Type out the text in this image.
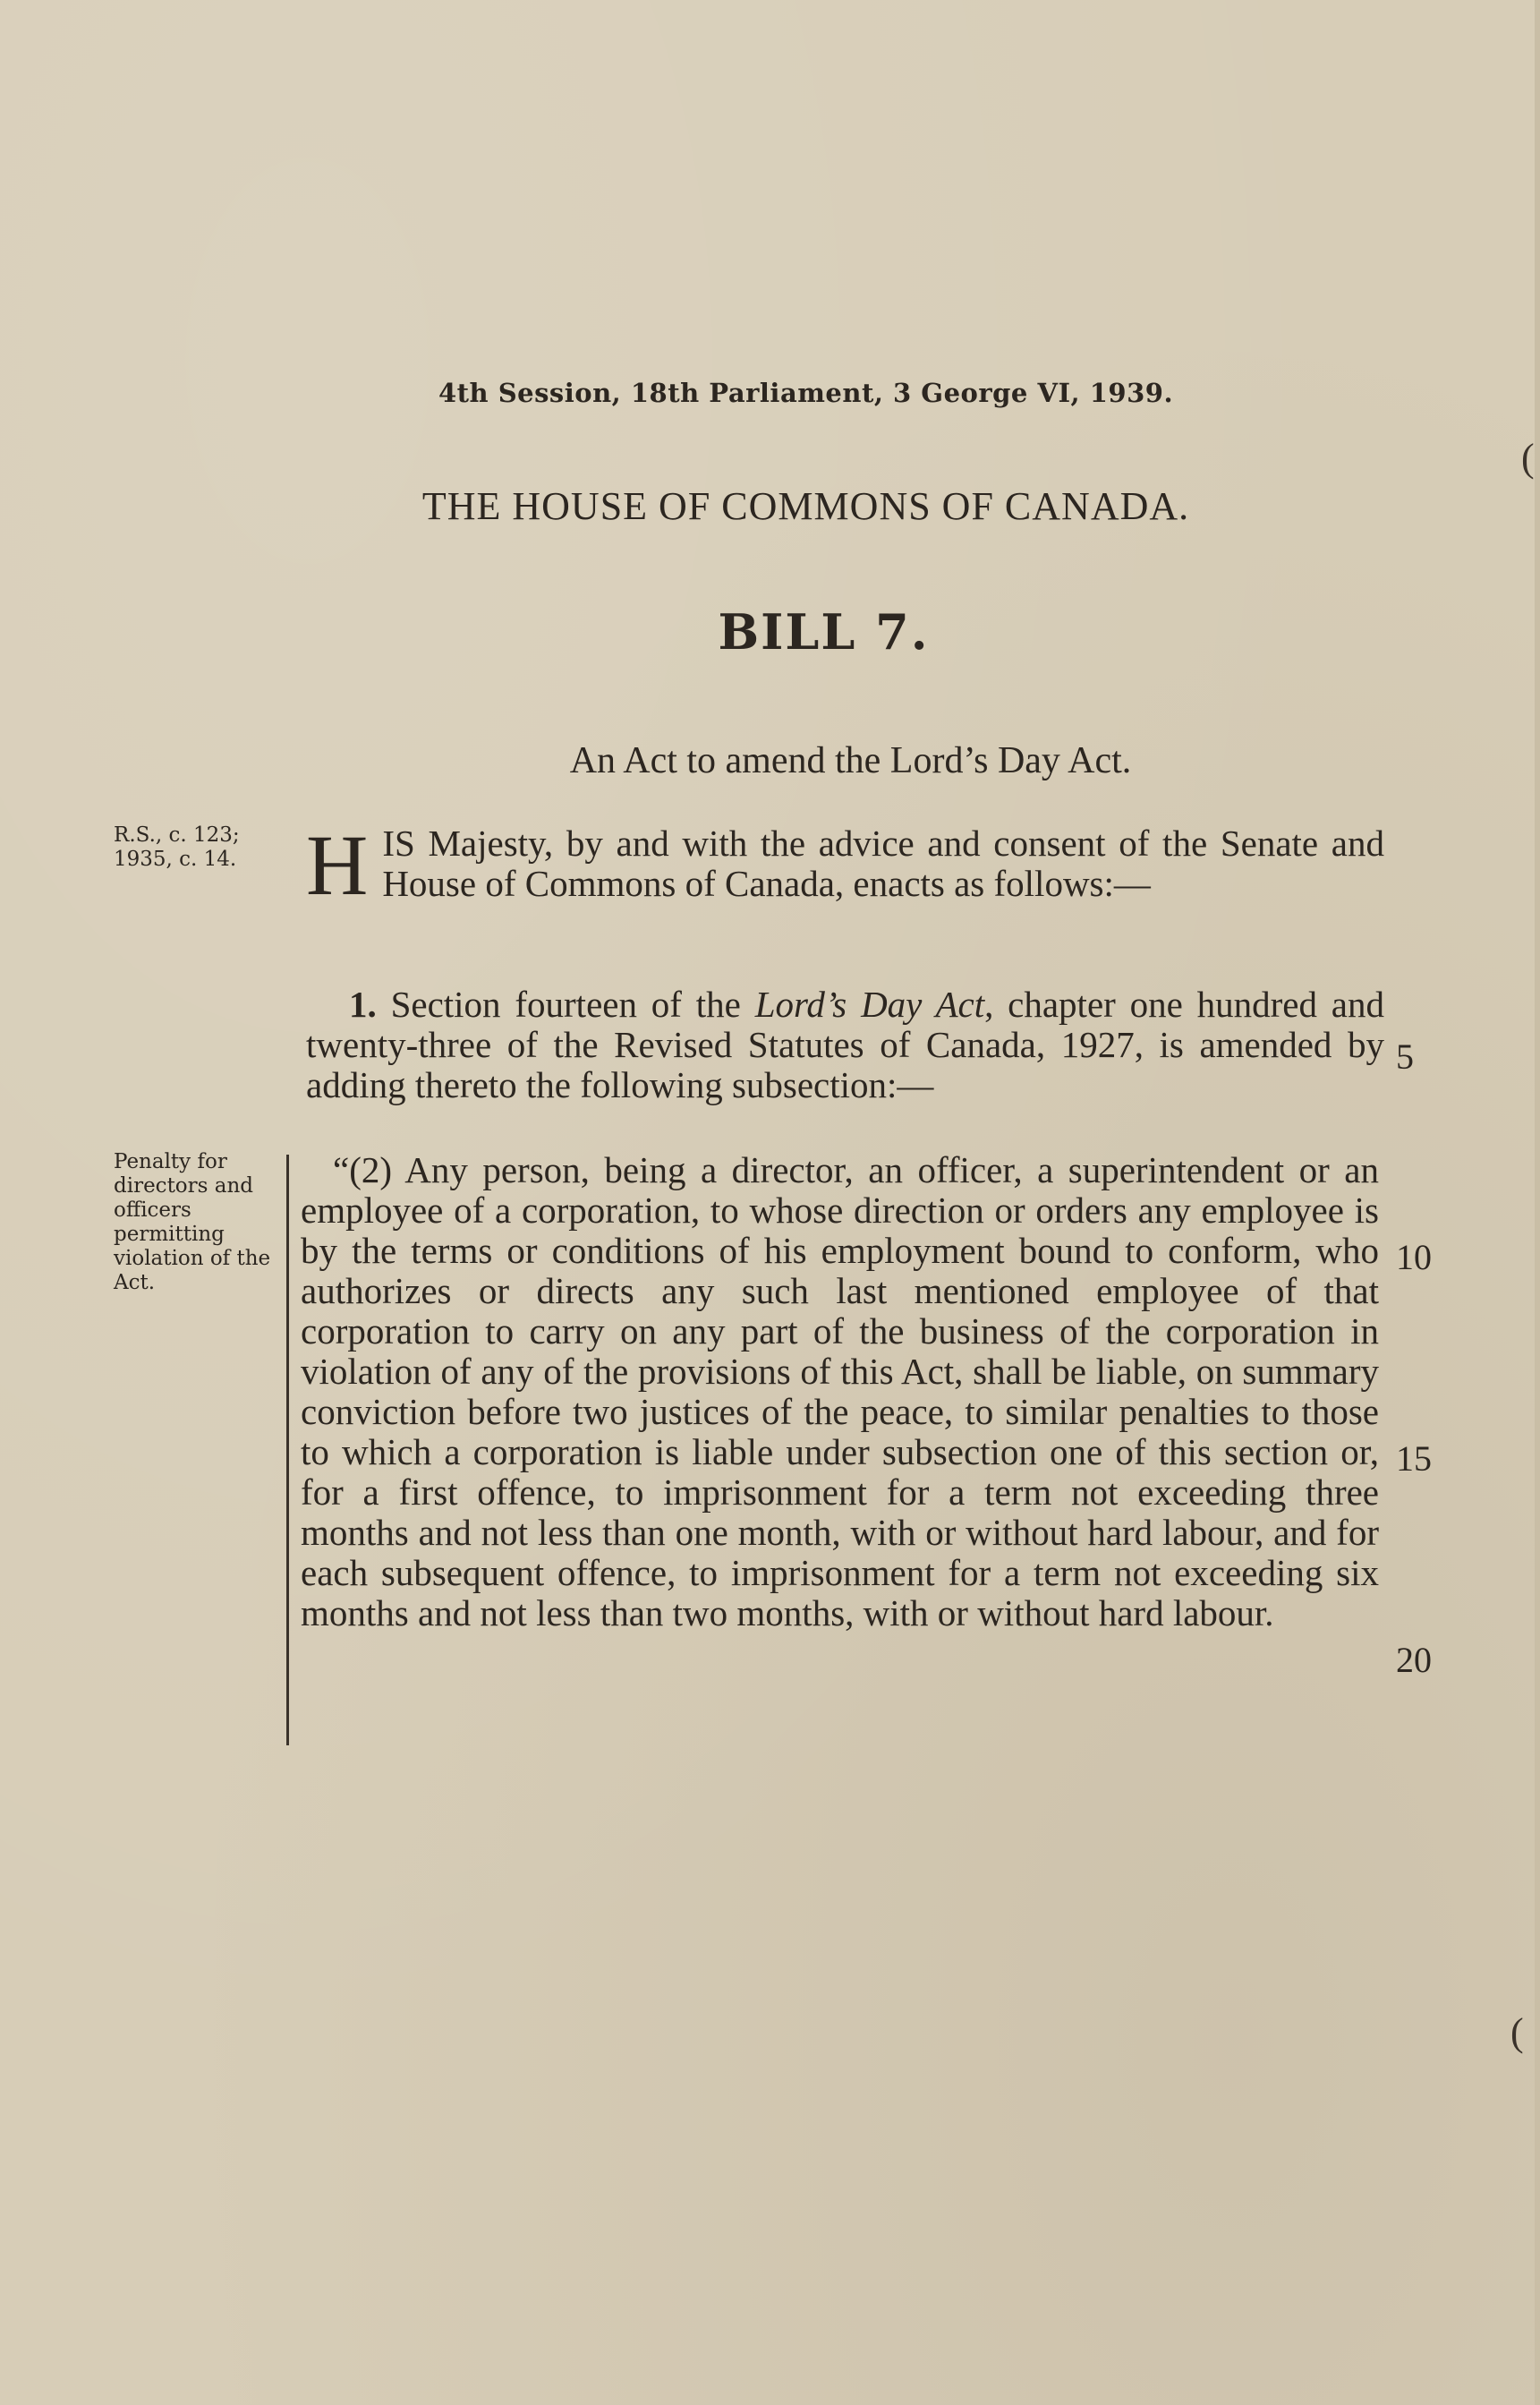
4th Session, 18th Parliament, 3 George VI, 1939.
THE HOUSE OF COMMONS OF CANADA.
BILL 7.
An Act to amend the Lord’s Day Act.
R.S., c. 123; 1935, c. 14.
Penalty for directors and officers permitting violation of the Act.
HIS Majesty, by and with the advice and consent of the Senate and House of Commons of Canada, enacts as follows:—
1. Section fourteen of the Lord’s Day Act, chapter one hundred and twenty-three of the Revised Statutes of Canada, 1927, is amended by adding thereto the following subsection:—
“(2) Any person, being a director, an officer, a superintendent or an employee of a corporation, to whose direction or orders any employee is by the terms or conditions of his employment bound to conform, who authorizes or directs any such last mentioned employee of that corporation to carry on any part of the business of the corporation in violation of any of the provisions of this Act, shall be liable, on summary conviction before two justices of the peace, to similar penalties to those to which a corporation is liable under subsection one of this section or, for a first offence, to imprisonment for a term not exceeding three months and not less than one month, with or without hard labour, and for each subsequent offence, to imprisonment for a term not exceeding six months and not less than two months, with or without hard labour.
5
10
15
20
(
(
